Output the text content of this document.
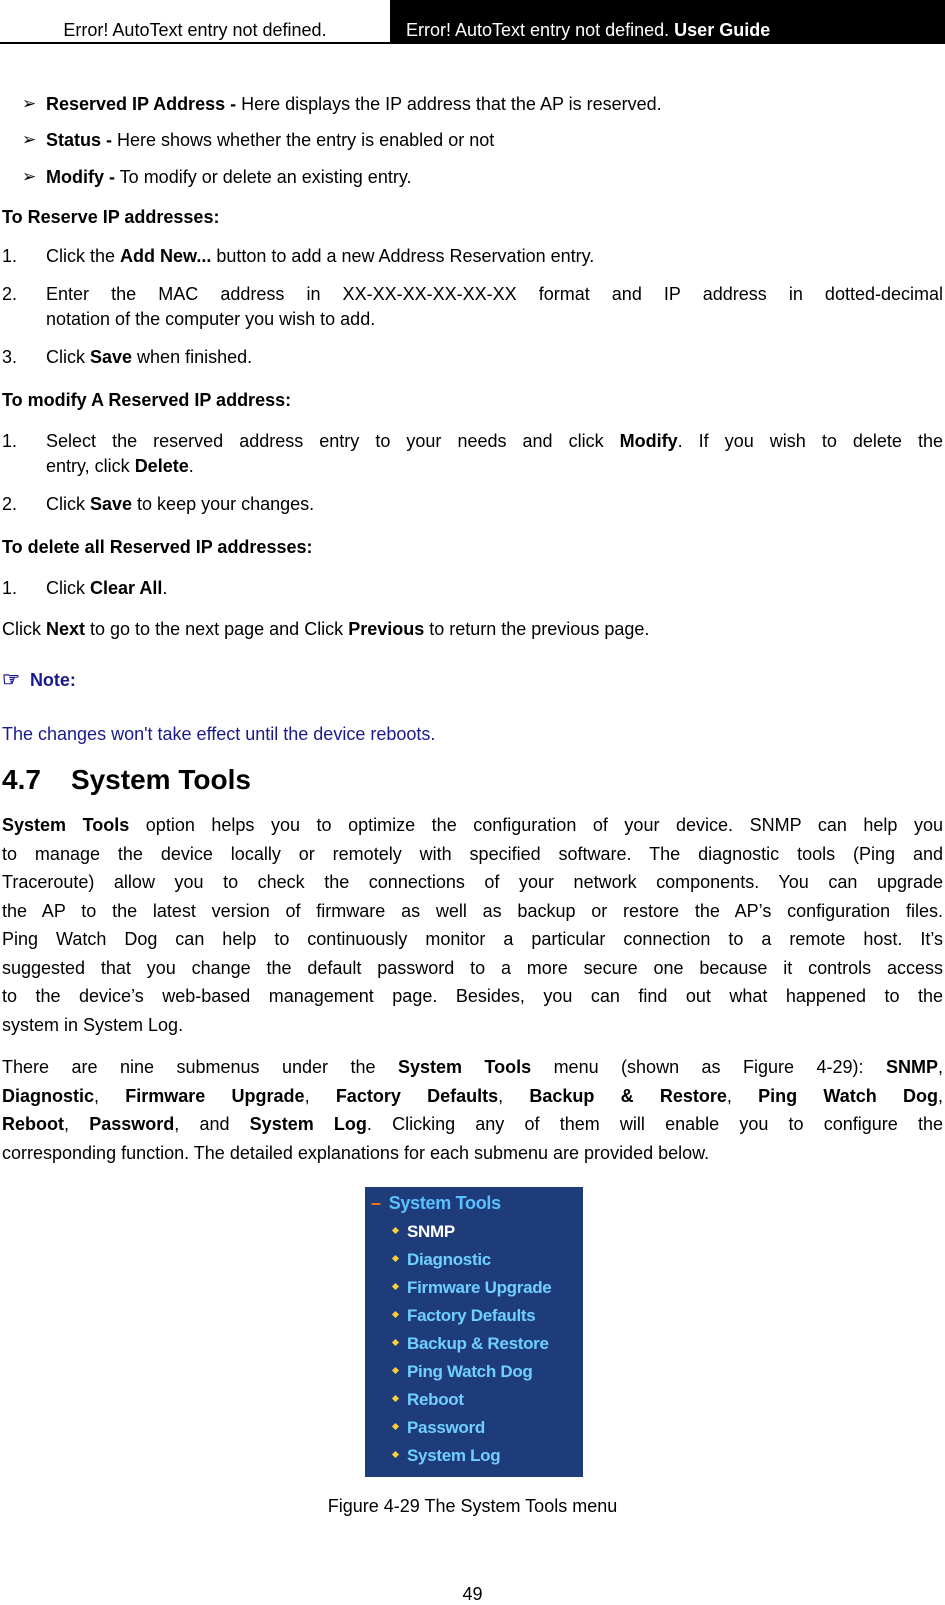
Error! AutoText entry not defined.	Error! AutoText entry not defined. User Guide
➢ Reserved IP Address - Here displays the IP address that the AP is reserved.
➢ Status - Here shows whether the entry is enabled or not
➢ Modify - To modify or delete an existing entry.
To Reserve IP addresses:
1. Click the Add New... button to add a new Address Reservation entry.
2. Enter the MAC address in XX-XX-XX-XX-XX-XX format and IP address in dotted-decimal
notation of the computer you wish to add.
3. Click Save when finished.
To modify A Reserved IP address:
1. Select the reserved address entry to your needs and click Modify. If you wish to delete the
entry, click Delete.
2. Click Save to keep your changes.
To delete all Reserved IP addresses:
1. Click Clear All.
Click Next to go to the next page and Click Previous to return the previous page.
☞ Note:
The changes won't take effect until the device reboots.
4.7 System Tools
System Tools option helps you to optimize the configuration of your device. SNMP can help you
to manage the device locally or remotely with specified software. The diagnostic tools (Ping and
Traceroute) allow you to check the connections of your network components. You can upgrade
the AP to the latest version of firmware as well as backup or restore the AP’s configuration files.
Ping Watch Dog can help to continuously monitor a particular connection to a remote host. It’s
suggested that you change the default password to a more secure one because it controls access
to the device’s web-based management page. Besides, you can find out what happened to the
system in System Log.
There are nine submenus under the System Tools menu (shown as Figure 4-29): SNMP,
Diagnostic, Firmware Upgrade, Factory Defaults, Backup & Restore, Ping Watch Dog,
Reboot, Password, and System Log. Clicking any of them will enable you to configure the
corresponding function. The detailed explanations for each submenu are provided below.
– System Tools
SNMP
Diagnostic
Firmware Upgrade
Factory Defaults
Backup & Restore
Ping Watch Dog
Reboot
Password
System Log
Figure 4-29 The System Tools menu
49
